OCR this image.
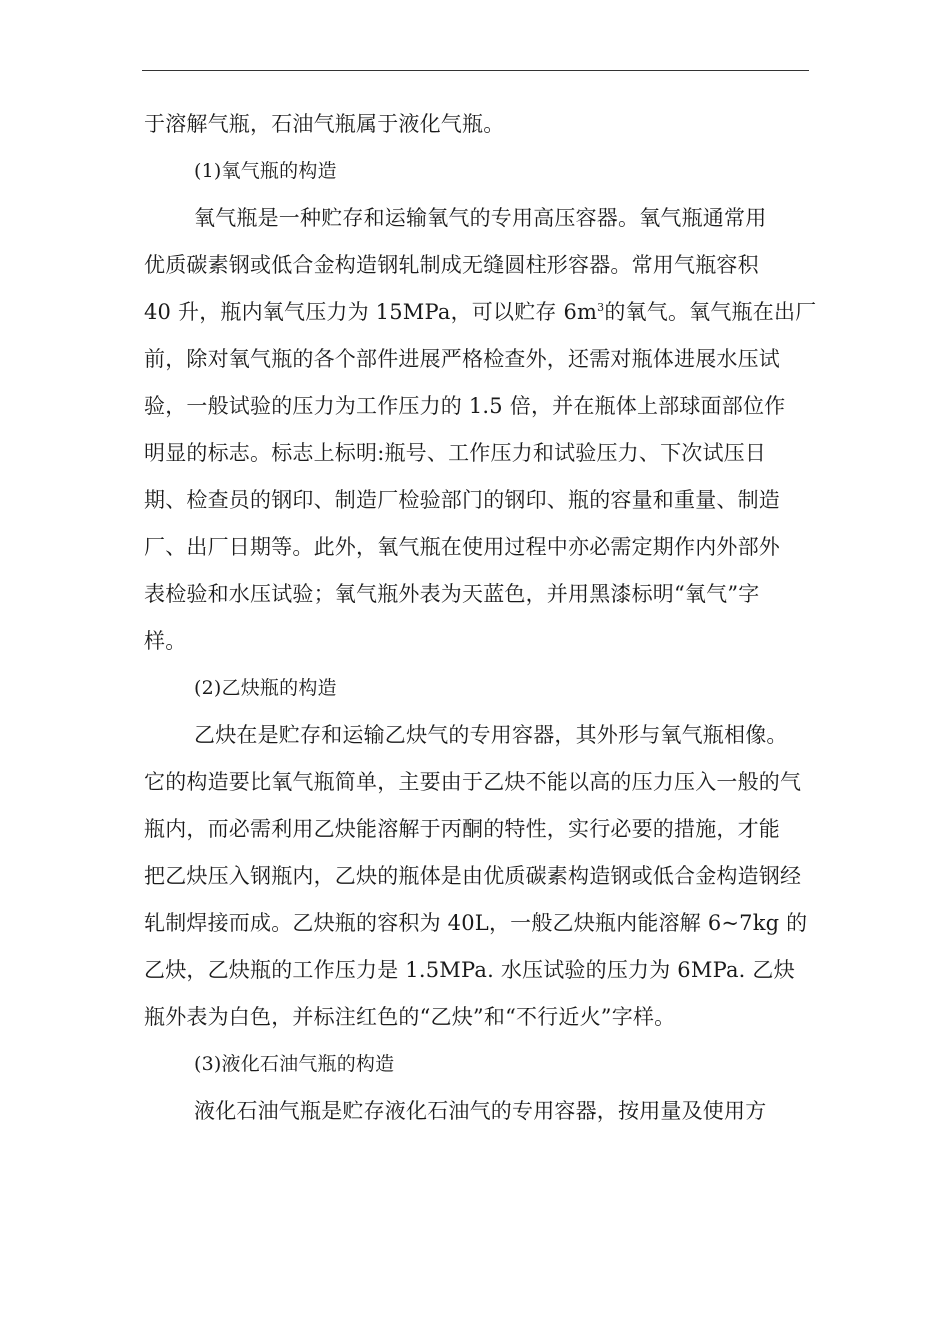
于溶解气瓶，石油气瓶属于液化气瓶。
(1)氧气瓶的构造
氧气瓶是一种贮存和运输氧气的专用高压容器。氧气瓶通常用
优质碳素钢或低合金构造钢轧制成无缝圆柱形容器。常用气瓶容积
40 升，瓶内氧气压力为 15MPa，可以贮存 $6m^3$的氧气。氧气瓶在出厂
前，除对氧气瓶的各个部件进展严格检查外，还需对瓶体进展水压试
验，一般试验的压力为工作压力的 1.5 倍，并在瓶体上部球面部位作
明显的标志。标志上标明:瓶号、工作压力和试验压力、下次试压日
期、检查员的钢印、制造厂检验部门的钢印、瓶的容量和重量、制造
厂、出厂日期等。此外，氧气瓶在使用过程中亦必需定期作内外部外
表检验和水压试验；氧气瓶外表为天蓝色，并用黑漆标明“氧气”字
样。
(2)乙炔瓶的构造
乙炔在是贮存和运输乙炔气的专用容器，其外形与氧气瓶相像。
它的构造要比氧气瓶简单，主要由于乙炔不能以高的压力压入一般的气
瓶内，而必需利用乙炔能溶解于丙酮的特性，实行必要的措施，才能
把乙炔压入钢瓶内，乙炔的瓶体是由优质碳素构造钢或低合金构造钢经
轧制焊接而成。乙炔瓶的容积为 40L，一般乙炔瓶内能溶解 6~7kg 的
乙炔，乙炔瓶的工作压力是 1.5MPa. 水压试验的压力为 6MPa. 乙炔
瓶外表为白色，并标注红色的“乙炔”和“不行近火”字样。
(3)液化石油气瓶的构造
液化石油气瓶是贮存液化石油气的专用容器，按用量及使用方
